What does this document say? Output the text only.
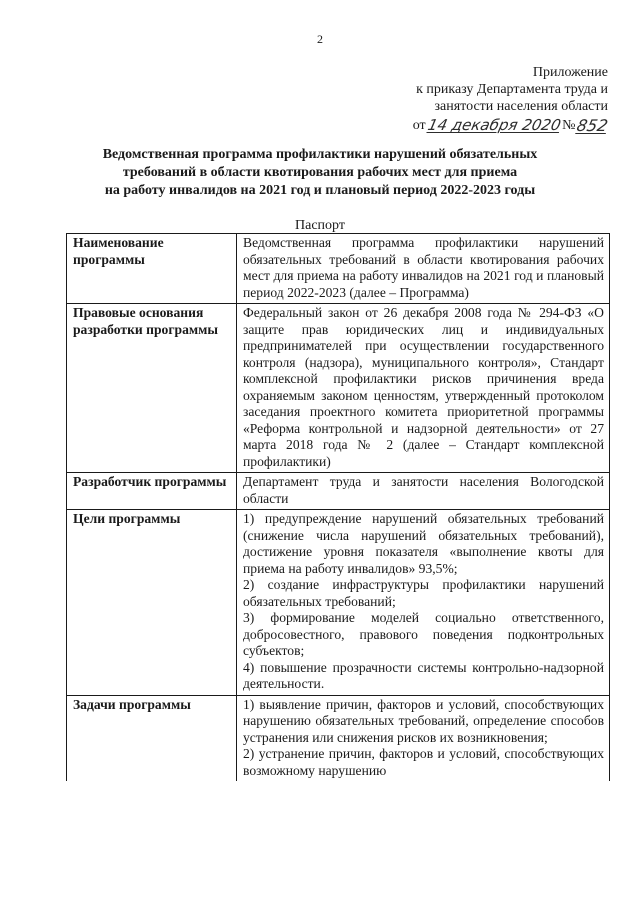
2
Приложение
к приказу Департамента труда и
занятости населения области
от 14 декабря 2020 № 852
Ведомственная программа профилактики нарушений обязательных
требований в области квотирования рабочих мест для приема
на работу инвалидов на 2021 год и плановый период 2022-2023 годы
Паспорт
Наименование программы	Ведомственная программа профилактики нарушений обязательных требований в области квотирования рабочих мест для приема на работу инвалидов на 2021 год и плановый период 2022-2023 (далее – Программа)

Правовые основания разработки программы	Федеральный закон от 26 декабря 2008 года № 294-ФЗ «О защите прав юридических лиц и индивидуальных предпринимателей при осуществлении государственного контроля (надзора), муниципального контроля», Стандарт комплексной профилактики рисков причинения вреда охраняемым законом ценностям, утвержденный протоколом заседания проектного комитета приоритетной программы «Реформа контрольной и надзорной деятельности» от 27 марта 2018 года № 2 (далее – Стандарт комплексной профилактики)

Разработчик программы	Департамент труда и занятости населения Вологодской области

Цели программы	1) предупреждение нарушений обязательных требований (снижение числа нарушений обязательных требований), достижение уровня показателя «выполнение квоты для приема на работу инвалидов» 93,5%;
2) создание инфраструктуры профилактики нарушений обязательных требований;
3) формирование моделей социально ответственного, добросовестного, правового поведения подконтрольных субъектов;
4) повышение прозрачности системы контрольно-надзорной деятельности.

Задачи программы	1) выявление причин, факторов и условий, способствующих нарушению обязательных требований, определение способов устранения или снижения рисков их возникновения;
2) устранение причин, факторов и условий, способствующих возможному нарушению
